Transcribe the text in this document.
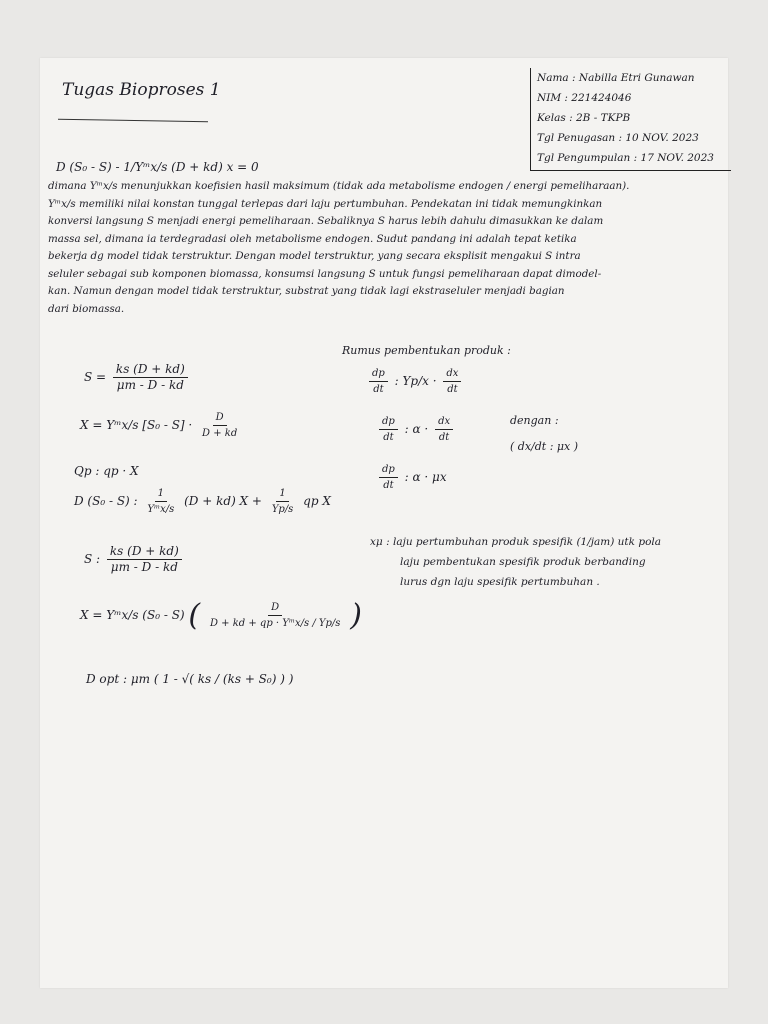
Tugas Bioproses 1
Nama : Nabilla Etri Gunawan
NIM : 221424046
Kelas : 2B - TKPB
Tgl Penugasan : 10 NOV. 2023
Tgl Pengumpulan : 17 NOV. 2023
D (S₀ - S) - 1/Yᵐx/s (D + kd) x = 0
dimana Yᵐx/s menunjukkan koefisien hasil maksimum (tidak ada metabolisme endogen / energi pemeliharaan).
Yᵐx/s memiliki nilai konstan tunggal terlepas dari laju pertumbuhan. Pendekatan ini tidak memungkinkan
konversi langsung S menjadi energi pemeliharaan. Sebaliknya S harus lebih dahulu dimasukkan ke dalam
massa sel, dimana ia terdegradasi oleh metabolisme endogen. Sudut pandang ini adalah tepat ketika
bekerja dg model tidak terstruktur. Dengan model terstruktur, yang secara eksplisit mengakui S intra
seluler sebagai sub komponen biomassa, konsumsi langsung S untuk fungsi pemeliharaan dapat dimodel-
kan. Namun dengan model tidak terstruktur, substrat yang tidak lagi ekstraseluler menjadi bagian
dari biomassa.
$S = \frac{ks (D + kd)}{\mu m - D - kd}$
X = Yᵐx/s $[S_0 - S] \cdot \frac{D}{D + kd}$
Qp : qp · X
D (S₀ - S) : $\frac{1}{\text{Yᵐx/s}} (D + kd) X + \frac{1}{Yp/s}$ qp X
S : $\frac{ks (D + kd)}{\mu m - D - kd}$
X = Yᵐx/s (S₀ - S) ( $\frac{D}{\text{D + kd + qp · Yᵐx/s / Yp/s}}$ )
D opt : μm ( 1 - √( ks / (ks + S₀) ) )
Rumus pembentukan produk :
$\frac{dp}{dt}$ : $Yp/x \cdot \frac{dx}{dt}$
$\frac{dp}{dt}$ : $\alpha \cdot \frac{dx}{dt}$	dengan :
( dx/dt : μx )
$\frac{dp}{dt}$ : α · μx
xμ : laju pertumbuhan produk spesifik (1/jam) utk pola
laju pembentukan spesifik produk berbanding
lurus dgn laju spesifik pertumbuhan .
